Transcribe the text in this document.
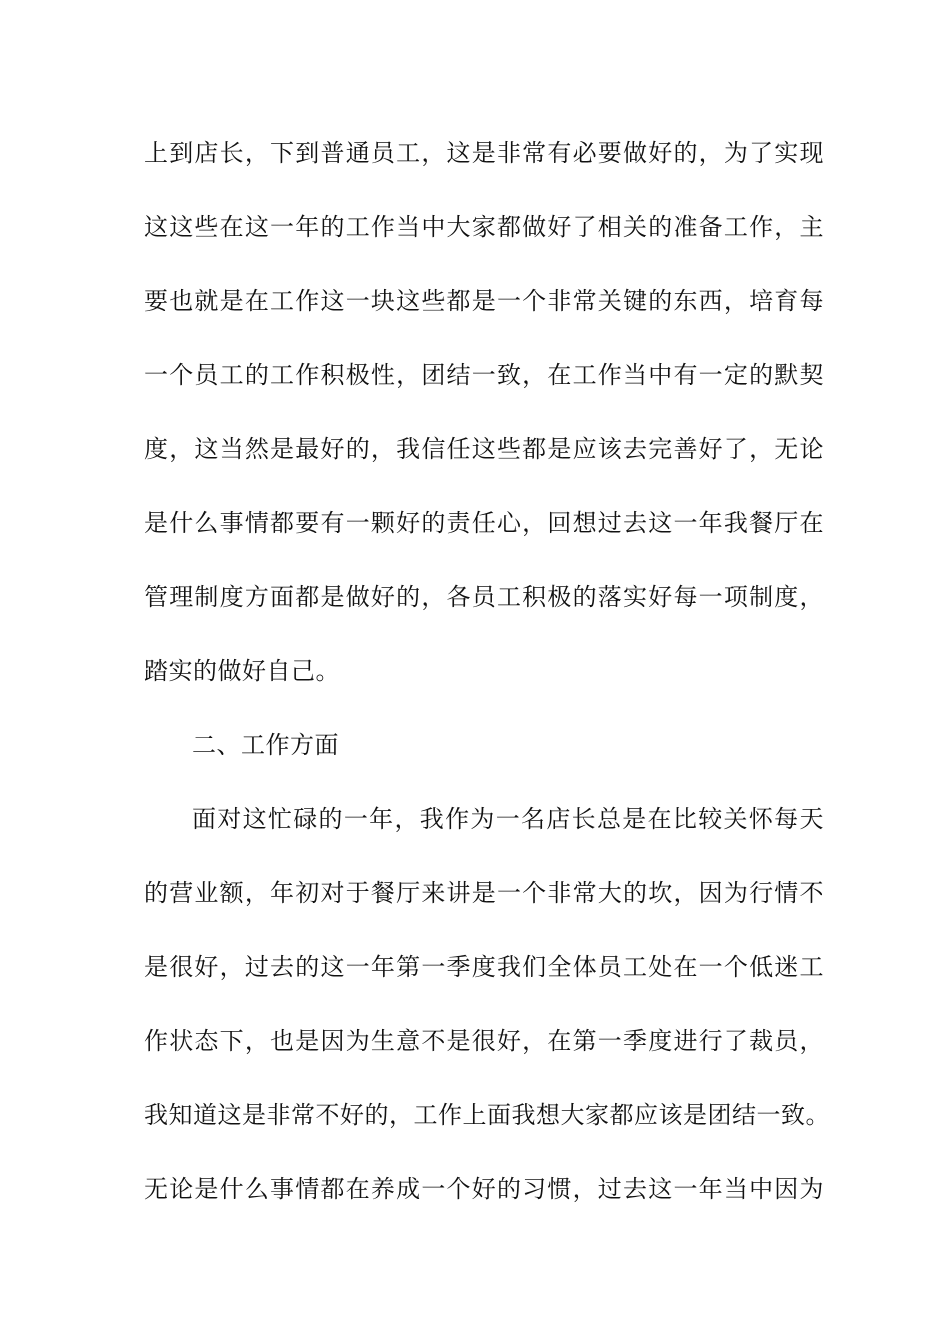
上到店长，下到普通员工，这是非常有必要做好的，为了实现
这这些在这一年的工作当中大家都做好了相关的准备工作，主
要也就是在工作这一块这些都是一个非常关键的东西，培育每
一个员工的工作积极性，团结一致，在工作当中有一定的默契
度，这当然是最好的，我信任这些都是应该去完善好了，无论
是什么事情都要有一颗好的责任心，回想过去这一年我餐厅在
管理制度方面都是做好的，各员工积极的落实好每一项制度，
踏实的做好自己。
二、工作方面
面对这忙碌的一年，我作为一名店长总是在比较关怀每天
的营业额，年初对于餐厅来讲是一个非常大的坎，因为行情不
是很好，过去的这一年第一季度我们全体员工处在一个低迷工
作状态下，也是因为生意不是很好，在第一季度进行了裁员，
我知道这是非常不好的，工作上面我想大家都应该是团结一致。
无论是什么事情都在养成一个好的习惯，过去这一年当中因为
